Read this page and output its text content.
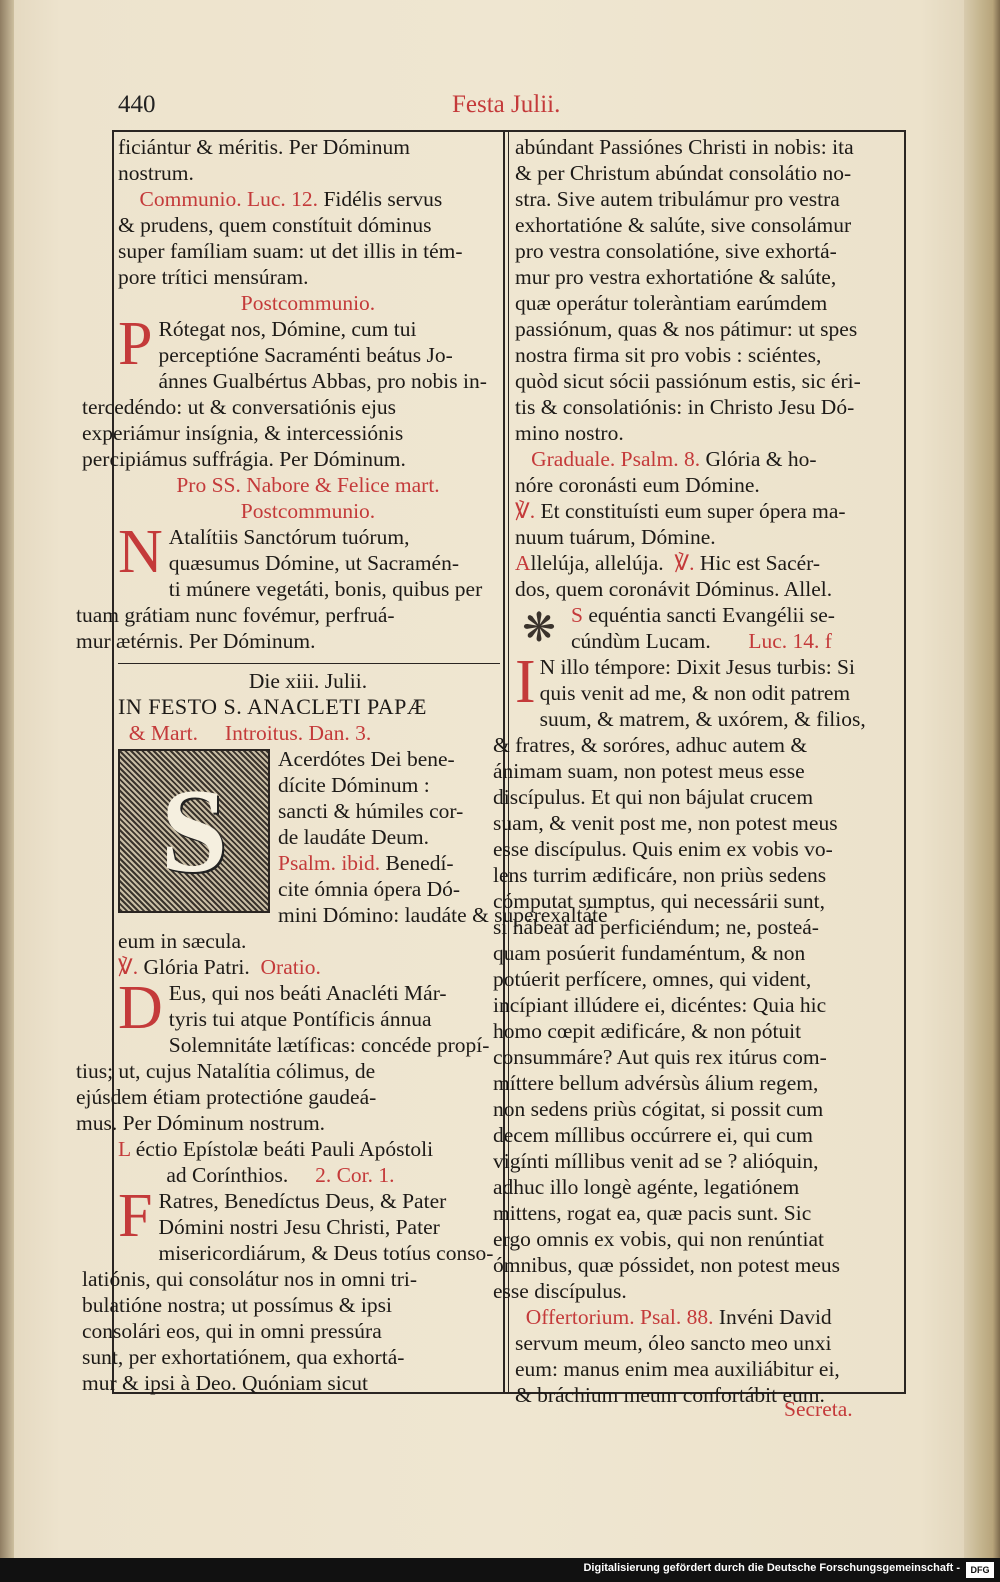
440	Festa Julii.
ficiántur & méritis. Per Dóminum
nostrum.
Communio. Luc. 12. Fidélis servus
& prudens, quem constítuit dóminus
super famíliam suam: ut det illis in tém-
pore trítici mensúram.
Postcommunio.
P Rótegat nos, Dómine, cum tui
perceptióne Sacraménti beátus Jo-
ánnes Gualbértus Abbas, pro nobis in-
tercedéndo: ut & conversatiónis ejus
experiámur insígnia, & intercessiónis
percipiámus suffrágia. Per Dóminum.
Pro SS. Nabore & Felice mart.
Postcommunio.
N Atalítiis Sanctórum tuórum,
quæsumus Dómine, ut Sacramén-
ti múnere vegetáti, bonis, quibus per
tuam grátiam nunc fovémur, perfruá-
mur ætérnis. Per Dóminum.
Die xiii. Julii.
IN FESTO S. ANACLETI PAPÆ
& Mart. Introitus. Dan. 3.
S
Acerdótes Dei bene-
dícite Dóminum :
sancti & húmiles cor-
de laudáte Deum.
Psalm. ibid. Benedí-
cite ómnia ópera Dó-
mini Dómino: laudáte & superexaltáte
eum in sæcula.
℣. Glória Patri. Oratio.
D Eus, qui nos beáti Anacléti Már-
tyris tui atque Pontíficis ánnua
Solemnitáte lætíficas: concéde propí-
tius; ut, cujus Natalítia cólimus, de
ejúsdem étiam protectióne gaudeá-
mus. Per Dóminum nostrum.
L éctio Epístolæ beáti Pauli Apóstoli
ad Corínthios. 2. Cor. 1.
F Ratres, Benedíctus Deus, & Pater
Dómini nostri Jesu Christi, Pater
misericordiárum, & Deus totíus conso-
latiónis, qui consolátur nos in omni tri-
bulatióne nostra; ut possímus & ipsi
consolári eos, qui in omni pressúra
sunt, per exhortatiónem, qua exhortá-
mur & ipsi à Deo. Quóniam sicut
abúndant Passiónes Christi in nobis: ita
& per Christum abúndat consolátio no-
stra. Sive autem tribulámur pro vestra
exhortatióne & salúte, sive consolámur
pro vestra consolatióne, sive exhortá-
mur pro vestra exhortatióne & salúte,
quæ operátur toleràntiam earúmdem
passiónum, quas & nos pátimur: ut spes
nostra firma sit pro vobis : sciéntes,
quòd sicut sócii passiónum estis, sic éri-
tis & consolatiónis: in Christo Jesu Dó-
mino nostro.
Graduale. Psalm. 8. Glória & ho-
nóre coronásti eum Dómine.
℣. Et constituísti eum super ópera ma-
nuum tuárum, Dómine.
Allelúja, allelúja. ℣. Hic est Sacér-
dos, quem coronávit Dóminus. Allel.
❋ S equéntia sancti Evangélii se-
cúndùm Lucam. Luc. 14. f
I N illo témpore: Dixit Jesus turbis: Si
quis venit ad me, & non odit patrem
suum, & matrem, & uxórem, & filios,
& fratres, & soróres, adhuc autem &
ánimam suam, non potest meus esse
discípulus. Et qui non bájulat crucem
suam, & venit post me, non potest meus
esse discípulus. Quis enim ex vobis vo-
lens turrim ædificáre, non priùs sedens
cómputat sumptus, qui necessárii sunt,
si hábeat ad perficiéndum; ne, posteá-
quam posúerit fundaméntum, & non
potúerit perfícere, omnes, qui vident,
incípiant illúdere ei, dicéntes: Quia hic
homo cœpit ædificáre, & non pótuit
consummáre? Aut quis rex itúrus com-
míttere bellum advérsùs álium regem,
non sedens priùs cógitat, si possit cum
decem míllibus occúrrere ei, qui cum
vigínti míllibus venit ad se ? alióquin,
adhuc illo longè agénte, legatiónem
mittens, rogat ea, quæ pacis sunt. Sic
ergo omnis ex vobis, qui non renúntiat
ómnibus, quæ póssidet, non potest meus
esse discípulus.
Offertorium. Psal. 88. Invéni David
servum meum, óleo sancto meo unxi
eum: manus enim mea auxiliábitur ei,
& bráchium meum confortábit eum.
Secreta.
Digitalisierung gefördert durch die Deutsche Forschungsgemeinschaft -	DFG
